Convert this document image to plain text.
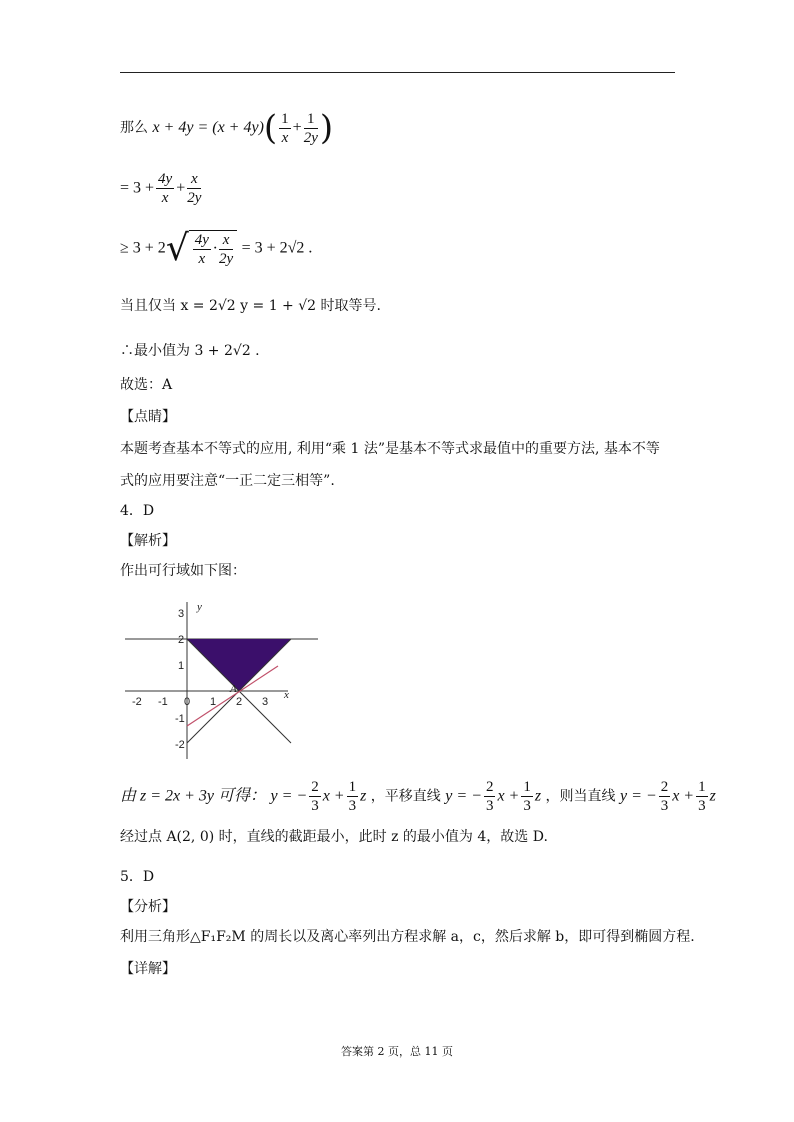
那么 $x + 4y = (x + 4y)( \frac{1}{x} + \frac{1}{2y}$ )
= $3 + \frac{4y}{x} + \frac{x}{2y}$
≥ $3 + 2√ \frac{4y}{x} \cdot \frac{x}{2y} = 3 + 2√2$ .
当且仅当 x = 2√2 y = 1 + √2 时取等号.
∴最小值为 3 + 2√2 .
故选：A
【点睛】
本题考查基本不等式的应用, 利用“乘 1 法”是基本不等式求最值中的重要方法, 基本不等
式的应用要注意“一正二定三相等”.
4．D
【解析】
作出可行域如下图：
-2 -1 0 1 2 3
3
2
1
-1
-2
y
x
A
由 z = 2x + 3y 可得： y = − $\frac{2}{3}$ $x + \frac{1}{3}$ z ，平移直线 y = − $\frac{2}{3}$ $x + \frac{1}{3}$ z ，则当直线 y = − $\frac{2}{3}$ $x + \frac{1}{3}$ z
经过点 A(2, 0) 时，直线的截距最小，此时 z 的最小值为 4，故选 D.
5．D
【分析】
利用三角形△F₁F₂M 的周长以及离心率列出方程求解 a，c，然后求解 b，即可得到椭圆方程.
【详解】
答案第 2 页，总 11 页
